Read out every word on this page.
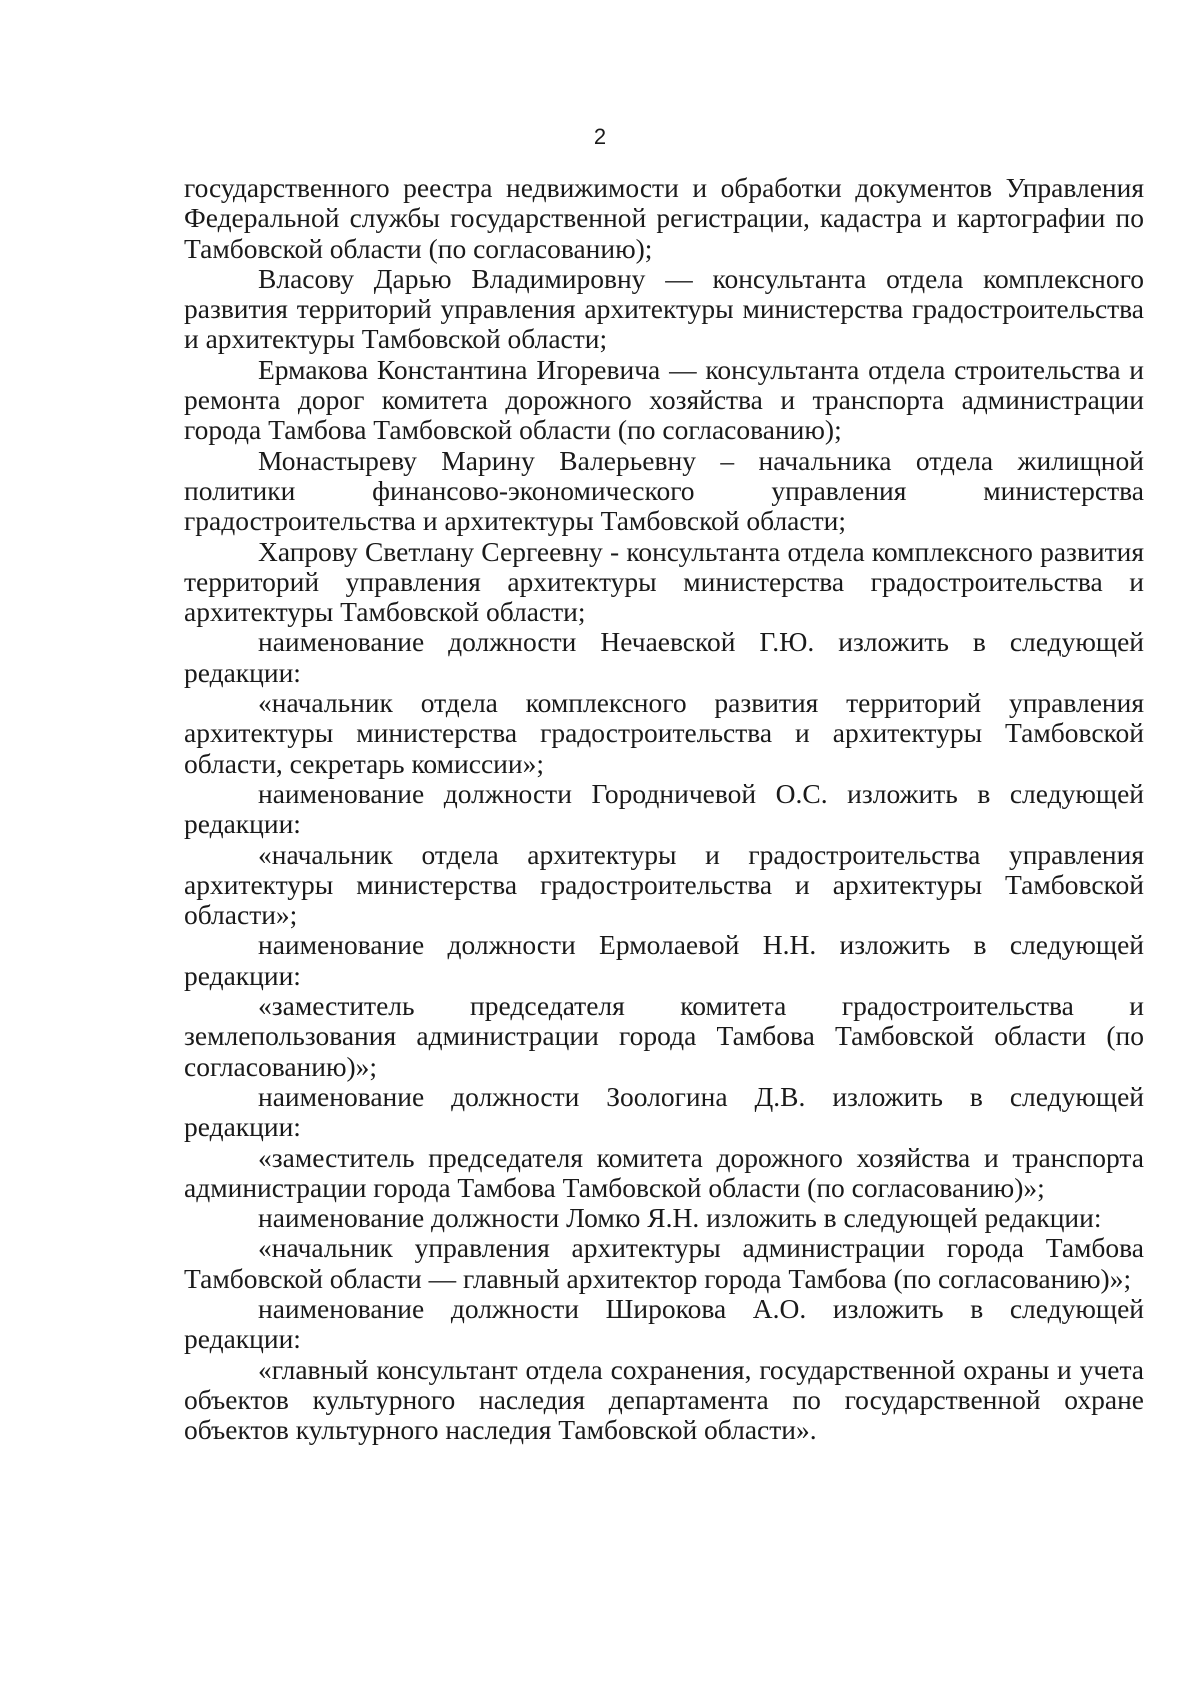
2

государственного реестра недвижимости и обработки документов Управления Федеральной службы государственной регистрации, кадастра и картографии по Тамбовской области (по согласованию);

Власову Дарью Владимировну — консультанта отдела комплексного развития территорий управления архитектуры министерства градостроительства и архитектуры Тамбовской области;

Ермакова Константина Игоревича — консультанта отдела строительства и ремонта дорог комитета дорожного хозяйства и транспорта администрации города Тамбова Тамбовской области (по согласованию);

Монастыреву Марину Валерьевну – начальника отдела жилищной политики финансово-экономического управления министерства градостроительства и архитектуры Тамбовской области;

Хапрову Светлану Сергеевну - консультанта отдела комплексного развития территорий управления архитектуры министерства градостроительства и архитектуры Тамбовской области;

наименование должности Нечаевской Г.Ю. изложить в следующей редакции:

«начальник отдела комплексного развития территорий управления архитектуры министерства градостроительства и архитектуры Тамбовской области, секретарь комиссии»;

наименование должности Городничевой О.С. изложить в следующей редакции:

«начальник отдела архитектуры и градостроительства управления архитектуры министерства градостроительства и архитектуры Тамбовской области»;

наименование должности Ермолаевой Н.Н. изложить в следующей редакции:

«заместитель председателя комитета градостроительства и землепользования администрации города Тамбова Тамбовской области (по согласованию)»;

наименование должности Зоологина Д.В. изложить в следующей редакции:

«заместитель председателя комитета дорожного хозяйства и транспорта администрации города Тамбова Тамбовской области (по согласованию)»;

наименование должности Ломко Я.Н. изложить в следующей редакции:

«начальник управления архитектуры администрации города Тамбова Тамбовской области — главный архитектор города Тамбова (по согласованию)»;

наименование должности Широкова А.О. изложить в следующей редакции:

«главный консультант отдела сохранения, государственной охраны и учета объектов культурного наследия департамента по государственной охране объектов культурного наследия Тамбовской области».
